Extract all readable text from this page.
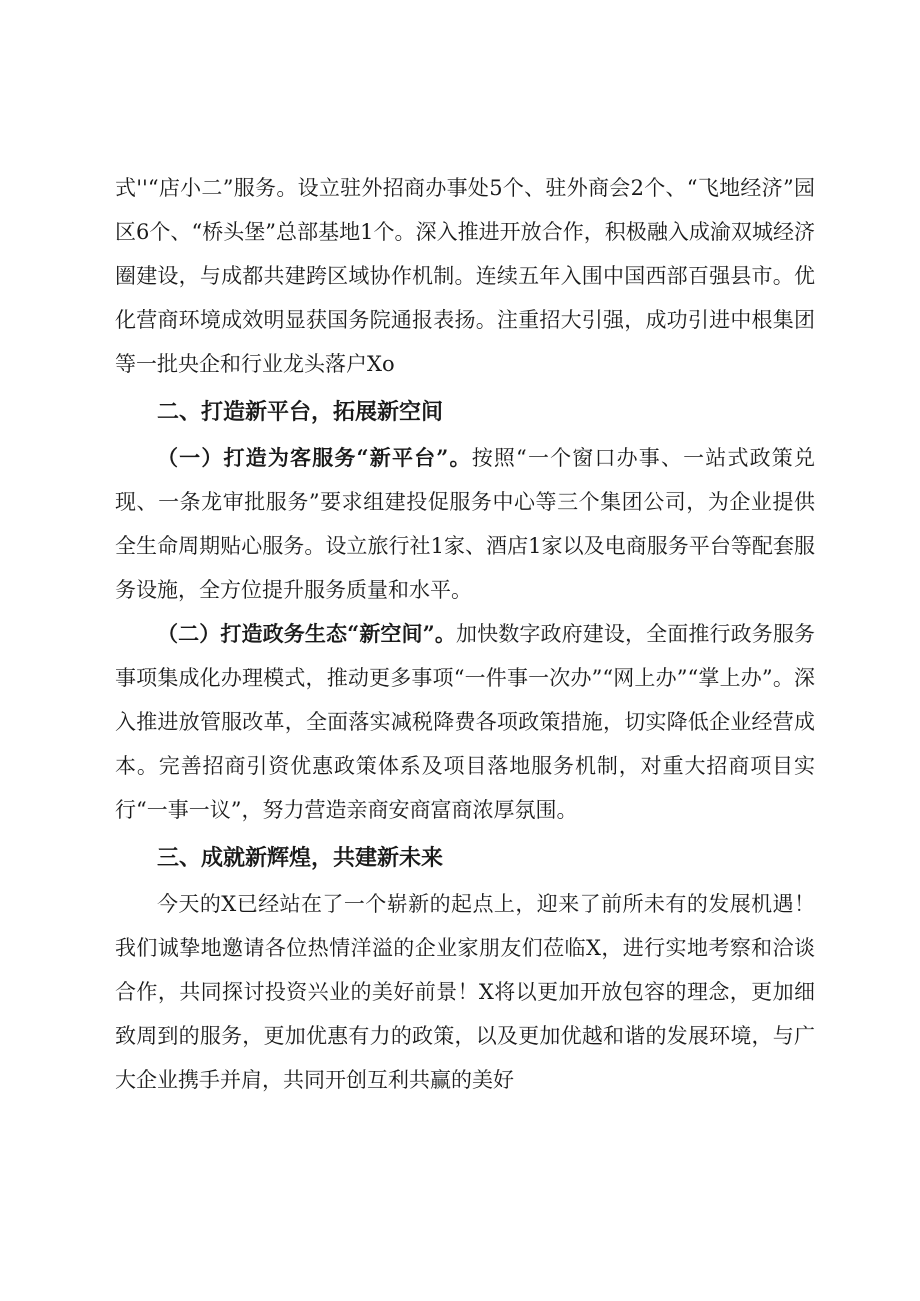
式''“店小二”服务。设立驻外招商办事处5个、驻外商会2个、“飞地经济”园区6个、“桥头堡”总部基地1个。深入推进开放合作，积极融入成渝双城经济圈建设，与成都共建跨区域协作机制。连续五年入围中国西部百强县市。优化营商环境成效明显获国务院通报表扬。注重招大引强，成功引进中根集团等一批央企和行业龙头落户Xo

二、打造新平台，拓展新空间

（一）打造为客服务“新平台”。按照“一个窗口办事、一站式政策兑现、一条龙审批服务”要求组建投促服务中心等三个集团公司，为企业提供全生命周期贴心服务。设立旅行社1家、酒店1家以及电商服务平台等配套服务设施，全方位提升服务质量和水平。

（二）打造政务生态“新空间”。加快数字政府建设，全面推行政务服务事项集成化办理模式，推动更多事项“一件事一次办”“网上办”“掌上办”。深入推进放管服改革，全面落实减税降费各项政策措施，切实降低企业经营成本。完善招商引资优惠政策体系及项目落地服务机制，对重大招商项目实行“一事一议”，努力营造亲商安商富商浓厚氛围。

三、成就新辉煌，共建新未来

今天的X已经站在了一个崭新的起点上，迎来了前所未有的发展机遇！我们诚挚地邀请各位热情洋溢的企业家朋友们莅临X，进行实地考察和洽谈合作，共同探讨投资兴业的美好前景！X将以更加开放包容的理念，更加细致周到的服务，更加优惠有力的政策，以及更加优越和谐的发展环境，与广大企业携手并肩，共同开创互利共赢的美好
